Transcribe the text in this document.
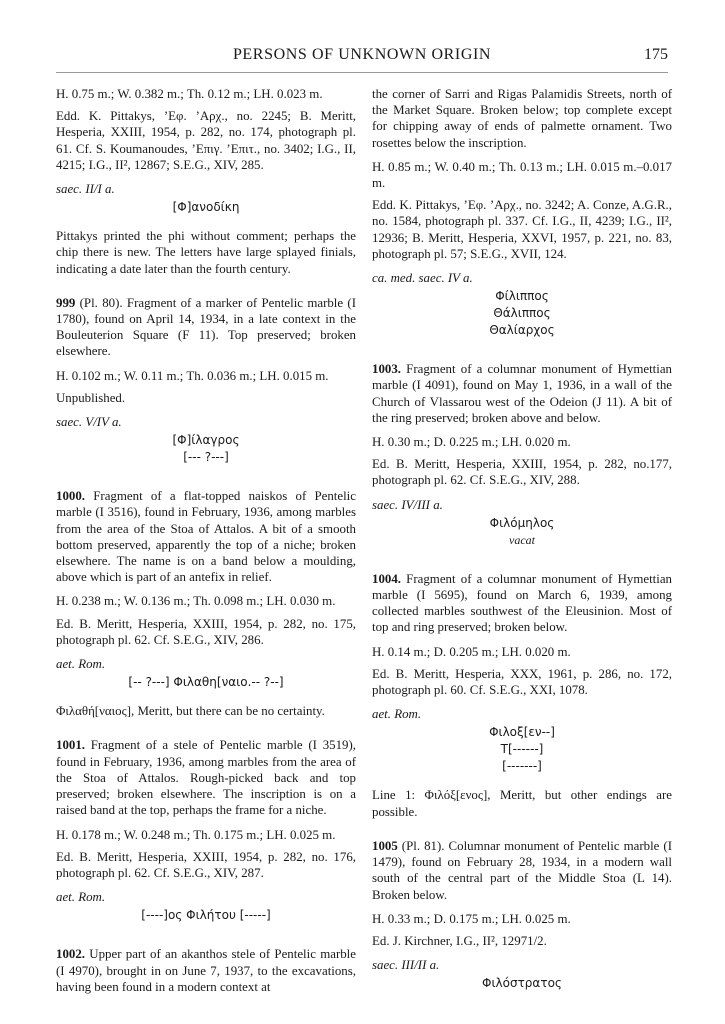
PERSONS OF UNKNOWN ORIGIN	175

H. 0.75 m.; W. 0.382 m.; Th. 0.12 m.; LH. 0.023 m.

Edd. K. Pittakys, ’Εφ. ’Αρχ., no. 2245; B. Meritt, Hesperia, XXIII, 1954, p. 282, no. 174, photograph pl. 61. Cf. S. Koumanoudes, ’Επιγ. ’Επιτ., no. 3402; I.G., II, 4215; I.G., II², 12867; S.E.G., XIV, 285.

saec. II/I a.

[Φ]ανοδίκη

Pittakys printed the phi without comment; perhaps the chip there is new. The letters have large splayed finials, indicating a date later than the fourth century.

999 (Pl. 80). Fragment of a marker of Pentelic marble (I 1780), found on April 14, 1934, in a late context in the Bouleuterion Square (F 11). Top preserved; broken elsewhere.

H. 0.102 m.; W. 0.11 m.; Th. 0.036 m.; LH. 0.015 m.

Unpublished.

saec. V/IV a.

[Φ]ίλαγρος
[--- ?---]

1000. Fragment of a flat-topped naiskos of Pentelic marble (I 3516), found in February, 1936, among marbles from the area of the Stoa of Attalos. A bit of a smooth bottom preserved, apparently the top of a niche; broken elsewhere. The name is on a band below a moulding, above which is part of an antefix in relief.

H. 0.238 m.; W. 0.136 m.; Th. 0.098 m.; LH. 0.030 m.

Ed. B. Meritt, Hesperia, XXIII, 1954, p. 282, no. 175, photograph pl. 62. Cf. S.E.G., XIV, 286.

aet. Rom.

[-- ?---] Φιλαθη[ναιο.-- ?--]

Φιλαθή[ναιος], Meritt, but there can be no certainty.

1001. Fragment of a stele of Pentelic marble (I 3519), found in February, 1936, among marbles from the area of the Stoa of Attalos. Rough-picked back and top preserved; broken elsewhere. The inscription is on a raised band at the top, perhaps the frame for a niche.

H. 0.178 m.; W. 0.248 m.; Th. 0.175 m.; LH. 0.025 m.

Ed. B. Meritt, Hesperia, XXIII, 1954, p. 282, no. 176, photograph pl. 62. Cf. S.E.G., XIV, 287.

aet. Rom.

[----]ος Φιλήτου [-----]

1002. Upper part of an akanthos stele of Pentelic marble (I 4970), brought in on June 7, 1937, to the excavations, having been found in a modern context at

the corner of Sarri and Rigas Palamidis Streets, north of the Market Square. Broken below; top complete except for chipping away of ends of palmette ornament. Two rosettes below the inscription.

H. 0.85 m.; W. 0.40 m.; Th. 0.13 m.; LH. 0.015 m.–0.017 m.

Edd. K. Pittakys, ’Εφ. ’Αρχ., no. 3242; A. Conze, A.G.R., no. 1584, photograph pl. 337. Cf. I.G., II, 4239; I.G., II², 12936; B. Meritt, Hesperia, XXVI, 1957, p. 221, no. 83, photograph pl. 57; S.E.G., XVII, 124.

ca. med. saec. IV a.

Φίλιππος
Θάλιππος
Θαλίαρχος

1003. Fragment of a columnar monument of Hymettian marble (I 4091), found on May 1, 1936, in a wall of the Church of Vlassarou west of the Odeion (J 11). A bit of the ring preserved; broken above and below.

H. 0.30 m.; D. 0.225 m.; LH. 0.020 m.

Ed. B. Meritt, Hesperia, XXIII, 1954, p. 282, no.177, photograph pl. 62. Cf. S.E.G., XIV, 288.

saec. IV/III a.

Φιλόμηλος
vacat

1004. Fragment of a columnar monument of Hymettian marble (I 5695), found on March 6, 1939, among collected marbles southwest of the Eleusinion. Most of top and ring preserved; broken below.

H. 0.14 m.; D. 0.205 m.; LH. 0.020 m.

Ed. B. Meritt, Hesperia, XXX, 1961, p. 286, no. 172, photograph pl. 60. Cf. S.E.G., XXI, 1078.

aet. Rom.

Φιλοξ[εν--]
Τ[------]
[-------]

Line 1: Φιλόξ[ενος], Meritt, but other endings are possible.

1005 (Pl. 81). Columnar monument of Pentelic marble (I 1479), found on February 28, 1934, in a modern wall south of the central part of the Middle Stoa (L 14). Broken below.

H. 0.33 m.; D. 0.175 m.; LH. 0.025 m.

Ed. J. Kirchner, I.G., II², 12971/2.

saec. III/II a.

Φιλόστρατος
